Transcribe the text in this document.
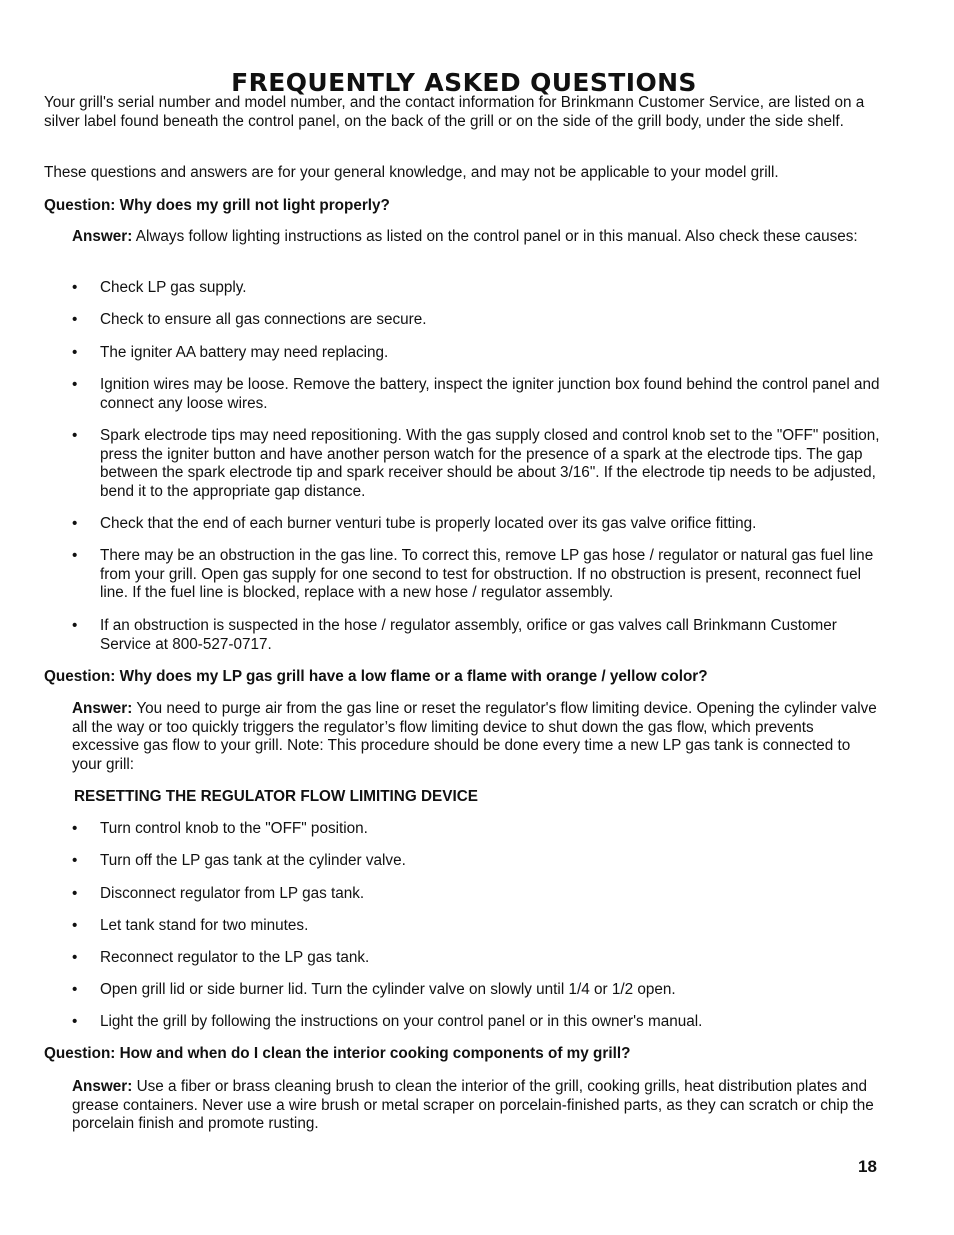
FREQUENTLY ASKED QUESTIONS

Your grill's serial number and model number, and the contact information for Brinkmann Customer Service, are listed on a silver label found beneath the control panel, on the back of the grill or on the side of the grill body, under the side shelf.

These questions and answers are for your general knowledge, and may not be applicable to your model grill.

Question: Why does my grill not light properly?

Answer: Always follow lighting instructions as listed on the control panel or in this manual. Also check these causes:

•	Check LP gas supply.
•	Check to ensure all gas connections are secure.
•	The igniter AA battery may need replacing.
•	Ignition wires may be loose. Remove the battery, inspect the igniter junction box found behind the control panel and connect any loose wires.
•	Spark electrode tips may need repositioning. With the gas supply closed and control knob set to the "OFF" position, press the igniter button and have another person watch for the presence of a spark at the electrode tips. The gap between the spark electrode tip and spark receiver should be about 3/16". If the electrode tip needs to be adjusted, bend it to the appropriate gap distance.
•	Check that the end of each burner venturi tube is properly located over its gas valve orifice fitting.
•	There may be an obstruction in the gas line. To correct this, remove LP gas hose / regulator or natural gas fuel line from your grill. Open gas supply for one second to test for obstruction. If no obstruction is present, reconnect fuel line. If the fuel line is blocked, replace with a new hose / regulator assembly.
•	If an obstruction is suspected in the hose / regulator assembly, orifice or gas valves call Brinkmann Customer Service at 800-527-0717.

Question: Why does my LP gas grill have a low flame or a flame with orange / yellow color?

Answer: You need to purge air from the gas line or reset the regulator's flow limiting device. Opening the cylinder valve all the way or too quickly triggers the regulator’s flow limiting device to shut down the gas flow, which prevents excessive gas flow to your grill. Note: This procedure should be done every time a new LP gas tank is connected to your grill:

RESETTING THE REGULATOR FLOW LIMITING DEVICE

•	Turn control knob to the "OFF" position.
•	Turn off the LP gas tank at the cylinder valve.
•	Disconnect regulator from LP gas tank.
•	Let tank stand for two minutes.
•	Reconnect regulator to the LP gas tank.
•	Open grill lid or side burner lid. Turn the cylinder valve on slowly until 1/4 or 1/2 open.
•	Light the grill by following the instructions on your control panel or in this owner's manual.

Question: How and when do I clean the interior cooking components of my grill?

Answer: Use a fiber or brass cleaning brush to clean the interior of the grill, cooking grills, heat distribution plates and grease containers. Never use a wire brush or metal scraper on porcelain-finished parts, as they can scratch or chip the porcelain finish and promote rusting.

18
